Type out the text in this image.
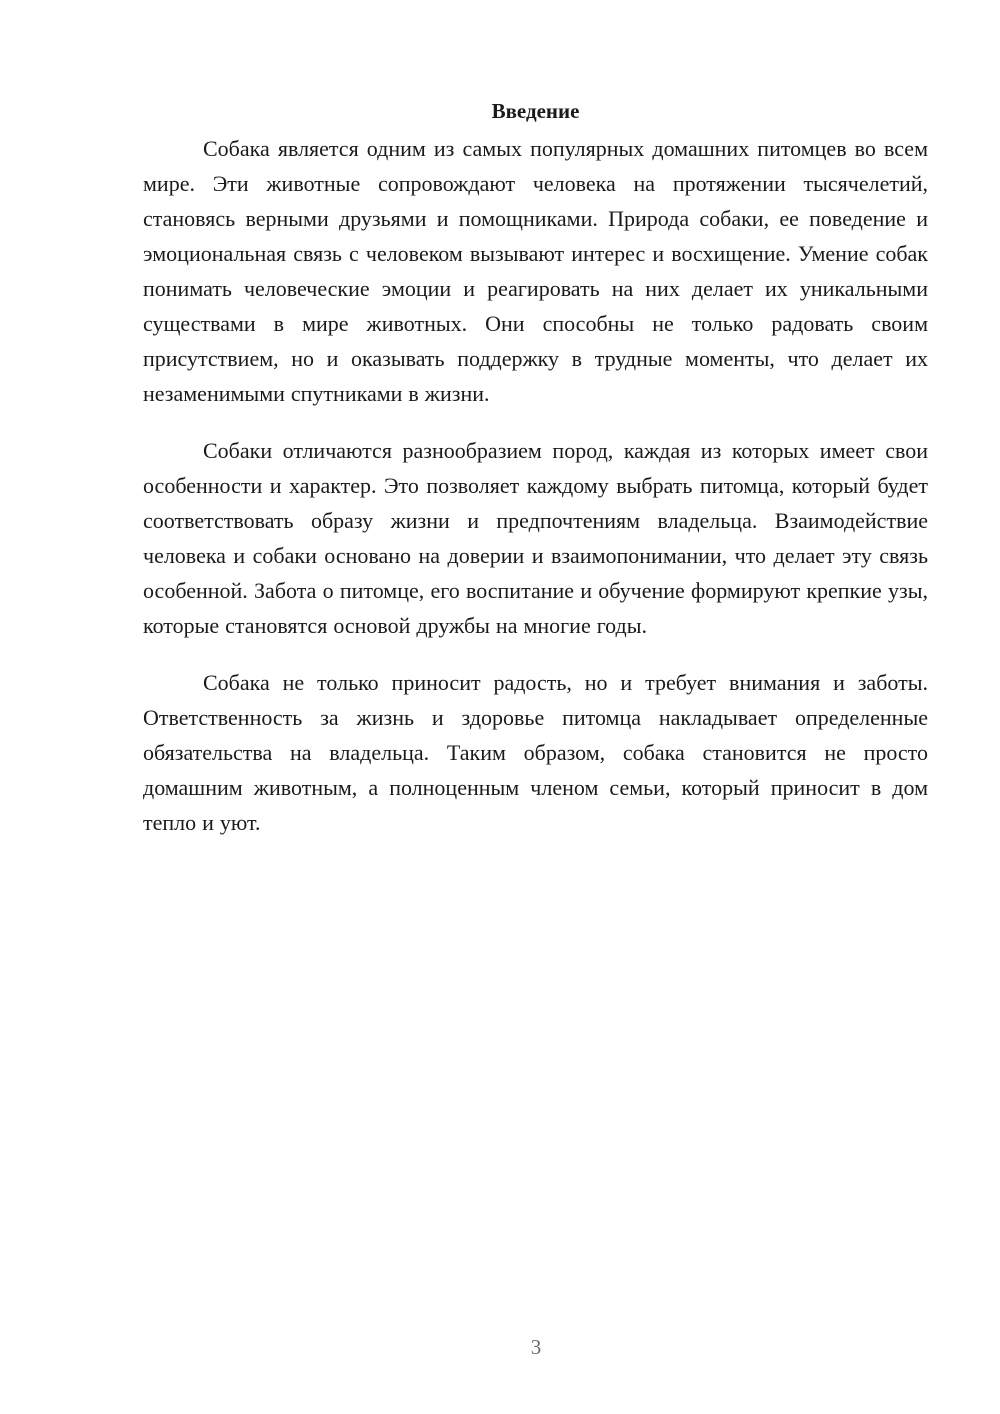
Введение

Собака является одним из самых популярных домашних питомцев во всем мире. Эти животные сопровождают человека на протяжении тысячелетий, становясь верными друзьями и помощниками. Природа собаки, ее поведение и эмоциональная связь с человеком вызывают интерес и восхищение. Умение собак понимать человеческие эмоции и реагировать на них делает их уникальными существами в мире животных. Они способны не только радовать своим присутствием, но и оказывать поддержку в трудные моменты, что делает их незаменимыми спутниками в жизни.

Собаки отличаются разнообразием пород, каждая из которых имеет свои особенности и характер. Это позволяет каждому выбрать питомца, который будет соответствовать образу жизни и предпочтениям владельца. Взаимодействие человека и собаки основано на доверии и взаимопонимании, что делает эту связь особенной. Забота о питомце, его воспитание и обучение формируют крепкие узы, которые становятся основой дружбы на многие годы.

Собака не только приносит радость, но и требует внимания и заботы. Ответственность за жизнь и здоровье питомца накладывает определенные обязательства на владельца. Таким образом, собака становится не просто домашним животным, а полноценным членом семьи, который приносит в дом тепло и уют.

3
